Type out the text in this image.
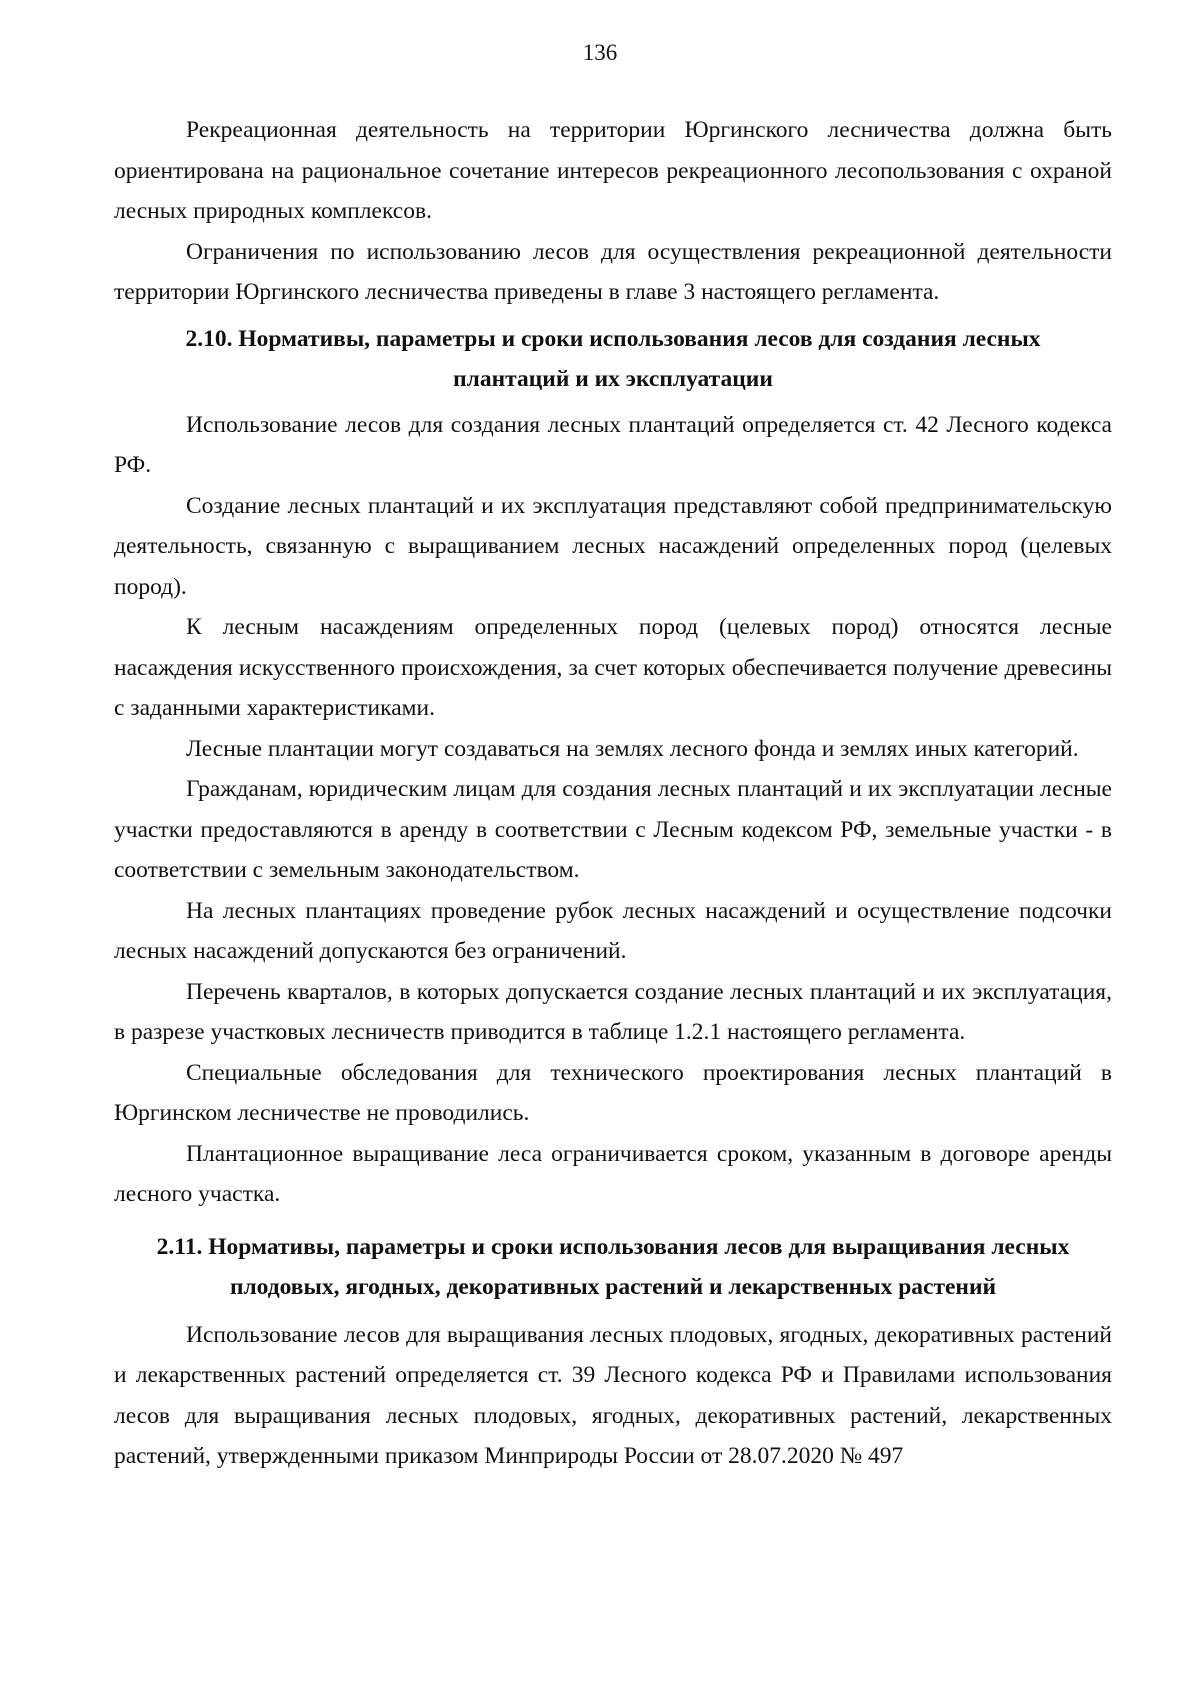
136

Рекреационная деятельность на территории Юргинского лесничества должна быть ориентирована на рациональное сочетание интересов рекреационного лесопользования с охраной лесных природных комплексов.

Ограничения по использованию лесов для осуществления рекреационной деятельности территории Юргинского лесничества приведены в главе 3 настоящего регламента.

2.10. Нормативы, параметры и сроки использования лесов для создания лесных
плантаций и их эксплуатации

Использование лесов для создания лесных плантаций определяется ст. 42 Лесного кодекса РФ.

Создание лесных плантаций и их эксплуатация представляют собой предпринимательскую деятельность, связанную с выращиванием лесных насаждений определенных пород (целевых пород).

К лесным насаждениям определенных пород (целевых пород) относятся лесные насаждения искусственного происхождения, за счет которых обеспечивается получение древесины с заданными характеристиками.

Лесные плантации могут создаваться на землях лесного фонда и землях иных категорий.

Гражданам, юридическим лицам для создания лесных плантаций и их эксплуатации лесные участки предоставляются в аренду в соответствии с Лесным кодексом РФ, земельные участки - в соответствии с земельным законодательством.

На лесных плантациях проведение рубок лесных насаждений и осуществление подсочки лесных насаждений допускаются без ограничений.

Перечень кварталов, в которых допускается создание лесных плантаций и их эксплуатация, в разрезе участковых лесничеств приводится в таблице 1.2.1 настоящего регламента.

Специальные обследования для технического проектирования лесных плантаций в Юргинском лесничестве не проводились.

Плантационное выращивание леса ограничивается сроком, указанным в договоре аренды лесного участка.

2.11. Нормативы, параметры и сроки использования лесов для выращивания лесных
плодовых, ягодных, декоративных растений и лекарственных растений

Использование лесов для выращивания лесных плодовых, ягодных, декоративных растений и лекарственных растений определяется ст. 39 Лесного кодекса РФ и Правилами использования лесов для выращивания лесных плодовых, ягодных, декоративных растений, лекарственных растений, утвержденными приказом Минприроды России от 28.07.2020 № 497
